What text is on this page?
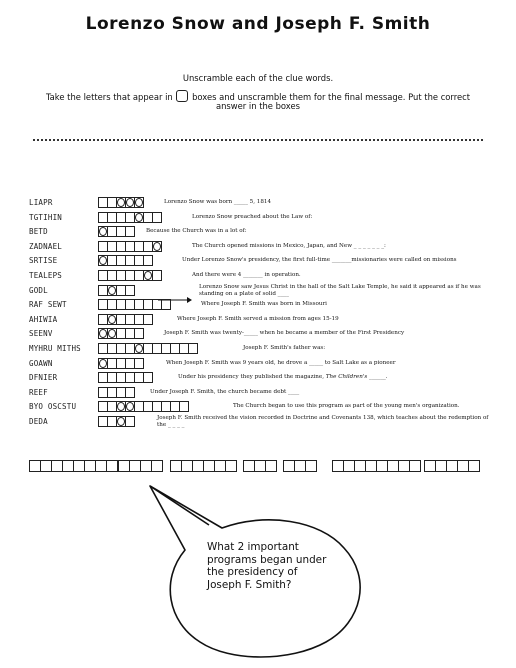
Lorenzo Snow and Joseph F. Smith
Unscramble each of the clue words.
Take the letters that appear in boxes and unscramble them for the final message. Put the correct
answer in the boxes
LIAPR	Lorenzo Snow was born _____ 5, 1814
TGTIHIN	Lorenzo Snow preached about the Law of:
BETD	Because the Church was in a lot of:
ZADNAEL	The Church opened missions in Mexico, Japan, and New _ _ _ _ _ _ _:
SRTISE	Under Lorenzo Snow's presidency, the first full-time _______missionaries were called on missions
TEALEPS	And there were 4 _______ in operation.
GODL	Lorenzo Snow saw Jesus Christ in the hall of the Salt Lake Temple, he said it appeared as if he was standing on a plate of solid ____
RAF SEWT	Where Joseph F. Smith was born in Missouri
AHIWIA	Where Joseph F. Smith served a mission from ages 15-19
SEENV	Joseph F. Smith was twenty-_____ when he became a member of the First Presidency
MYHRU MITHS	Joseph F. Smith's father was:
GOAWN	When Joseph F. Smith was 9 years old, he drove a _____ to Salt Lake as a pioneer
DFNIER	Under his presidency they published the magazine, The Children's ______.
REEF	Under Joseph F. Smith, the church became debt ____
BYO OSCSTU	The Church began to use this program as part of the young men's organization.
DEDA	Joseph F. Smith received the vision recorded in Doctrine and Covenants 138, which teaches about the redemption of the _ _ _ _
What 2 important programs began under the presidency of Joseph F. Smith?
